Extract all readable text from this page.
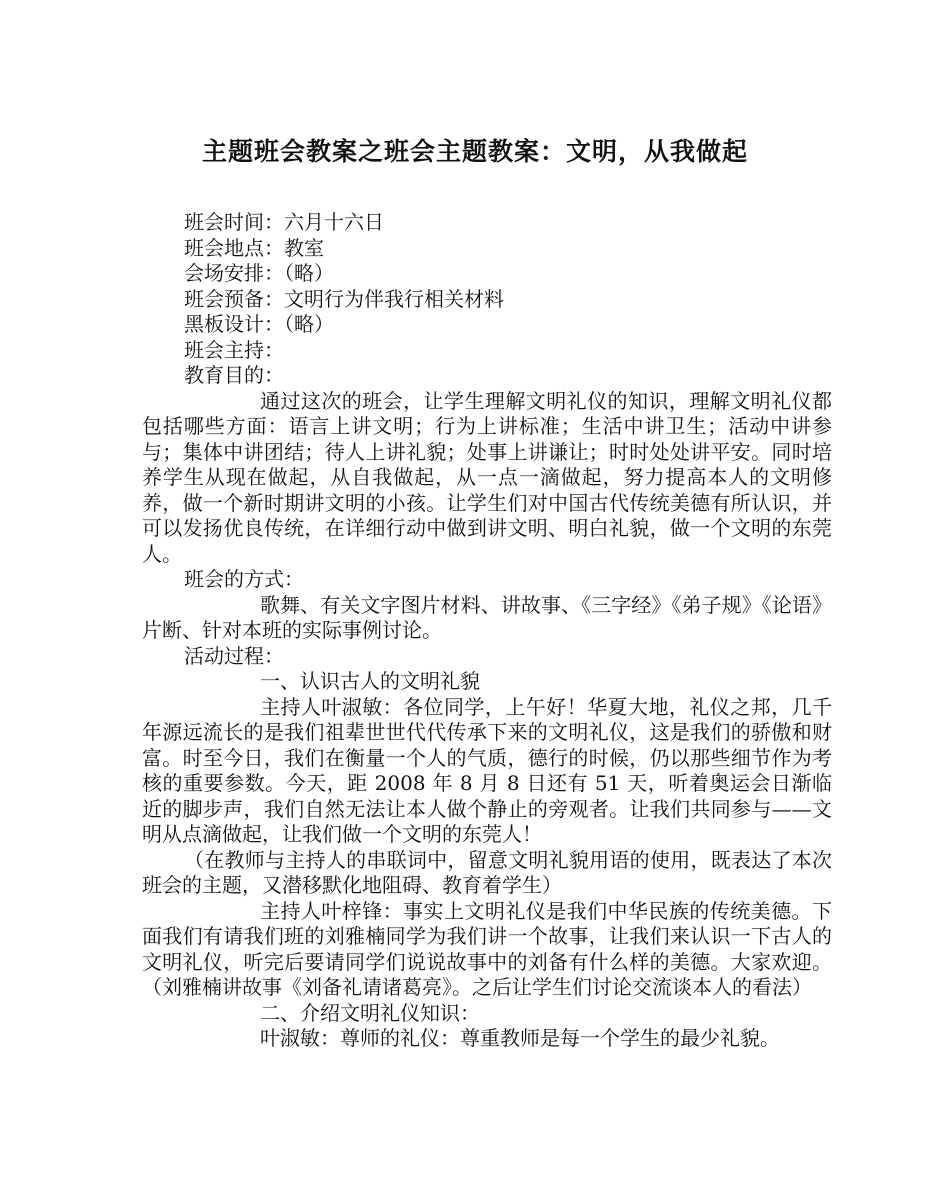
主题班会教案之班会主题教案：文明，从我做起

班会时间：六月十六日

班会地点：教室

会场安排：（略）

班会预备：文明行为伴我行相关材料

黑板设计：（略）

班会主持：

教育目的：

通过这次的班会，让学生理解文明礼仪的知识，理解文明礼仪都包括哪些方面：语言上讲文明；行为上讲标准；生活中讲卫生；活动中讲参与；集体中讲团结；待人上讲礼貌；处事上讲谦让；时时处处讲平安。同时培养学生从现在做起，从自我做起，从一点一滴做起，努力提高本人的文明修养，做一个新时期讲文明的小孩。让学生们对中国古代传统美德有所认识，并可以发扬优良传统，在详细行动中做到讲文明、明白礼貌，做一个文明的东莞人。

班会的方式：

歌舞、有关文字图片材料、讲故事、《三字经》《弟子规》《论语》片断、针对本班的实际事例讨论。

活动过程：

一、认识古人的文明礼貌

主持人叶淑敏：各位同学，上午好！华夏大地，礼仪之邦，几千年源远流长的是我们祖辈世世代代传承下来的文明礼仪，这是我们的骄傲和财富。时至今日，我们在衡量一个人的气质，德行的时候，仍以那些细节作为考核的重要参数。今天，距 2008 年 8 月 8 日还有 51 天，听着奥运会日渐临近的脚步声，我们自然无法让本人做个静止的旁观者。让我们共同参与——文明从点滴做起，让我们做一个文明的东莞人！

（在教师与主持人的串联词中，留意文明礼貌用语的使用，既表达了本次班会的主题，又潜移默化地阻碍、教育着学生）

主持人叶梓锋：事实上文明礼仪是我们中华民族的传统美德。下面我们有请我们班的刘雅楠同学为我们讲一个故事，让我们来认识一下古人的文明礼仪，听完后要请同学们说说故事中的刘备有什么样的美德。大家欢迎。（刘雅楠讲故事《刘备礼请诸葛亮》。之后让学生们讨论交流谈本人的看法）

二、介绍文明礼仪知识：

叶淑敏：尊师的礼仪：尊重教师是每一个学生的最少礼貌。
